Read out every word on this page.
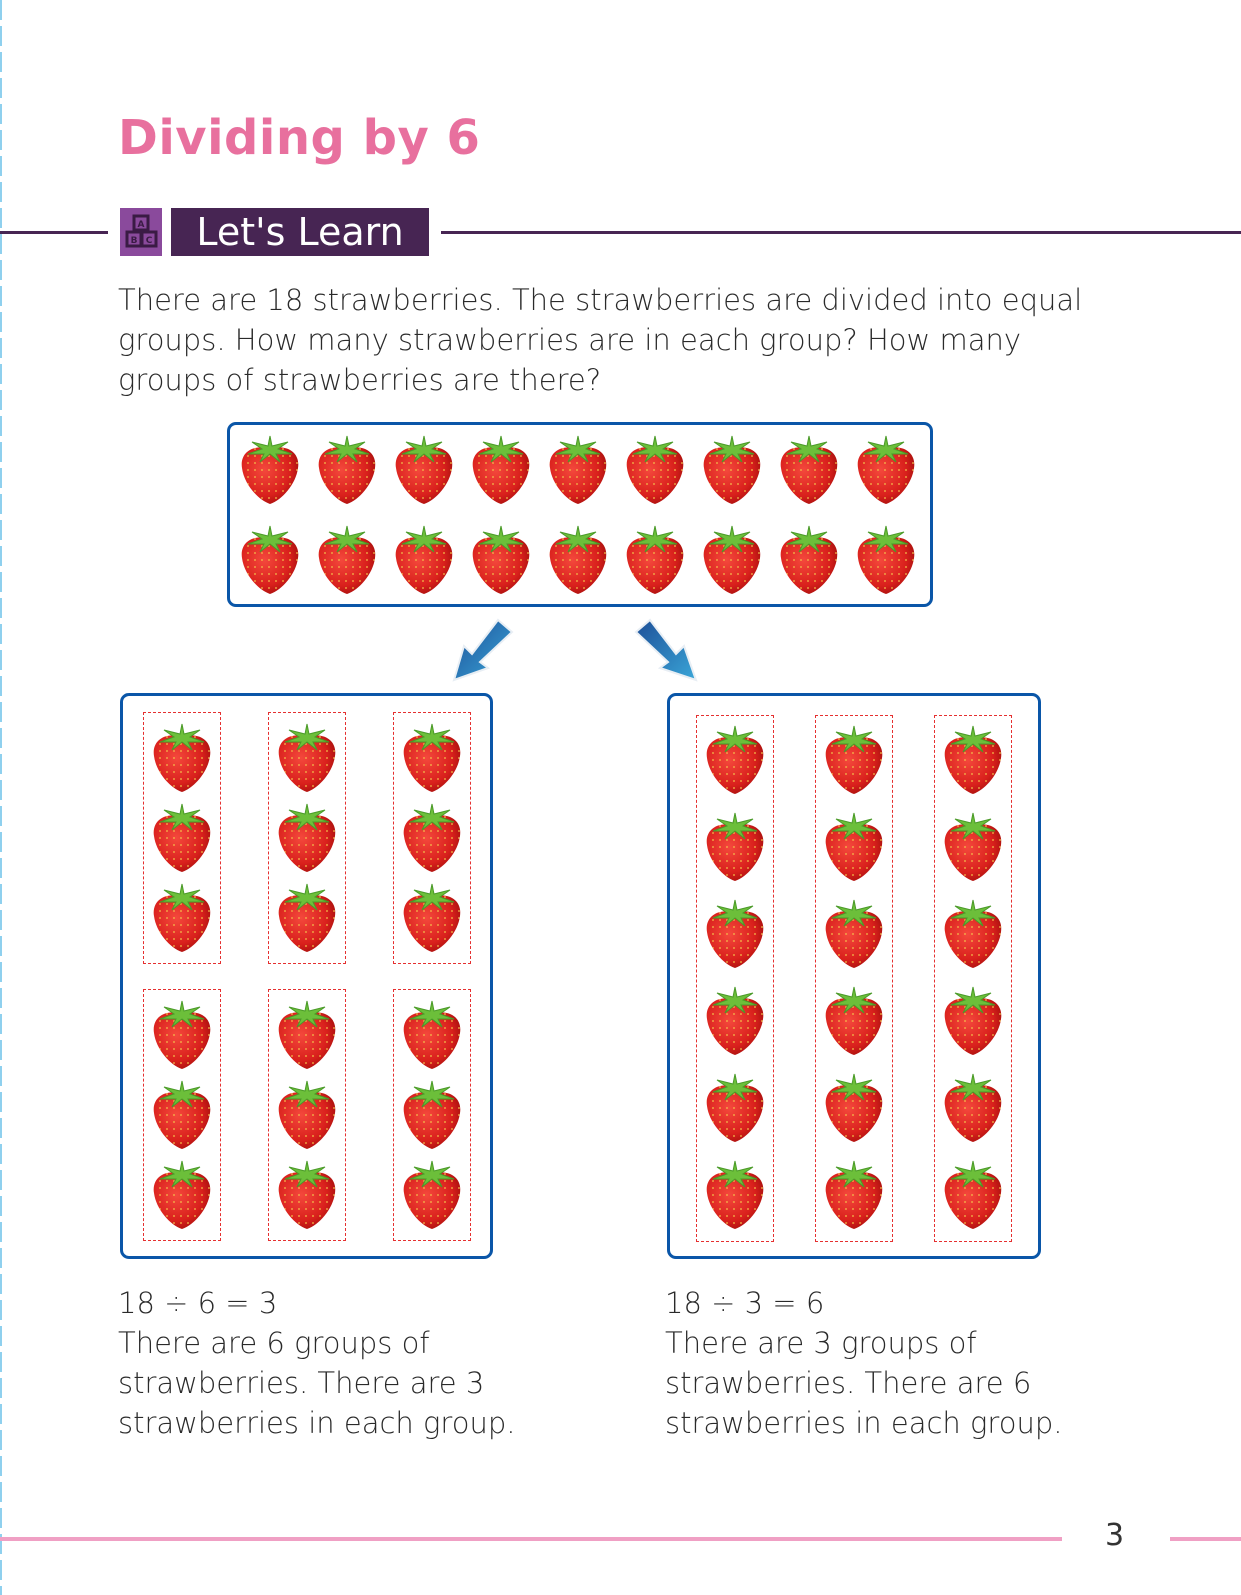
Dividing by 6
A
B C	Let's Learn
There are 18 strawberries. The strawberries are divided into equal groups. How many strawberries are in each group? How many groups of strawberries are there?
18 ÷ 6 = 3
There are 6 groups of
strawberries. There are 3
strawberries in each group.
18 ÷ 3 = 6
There are 3 groups of
strawberries. There are 6
strawberries in each group.
3
